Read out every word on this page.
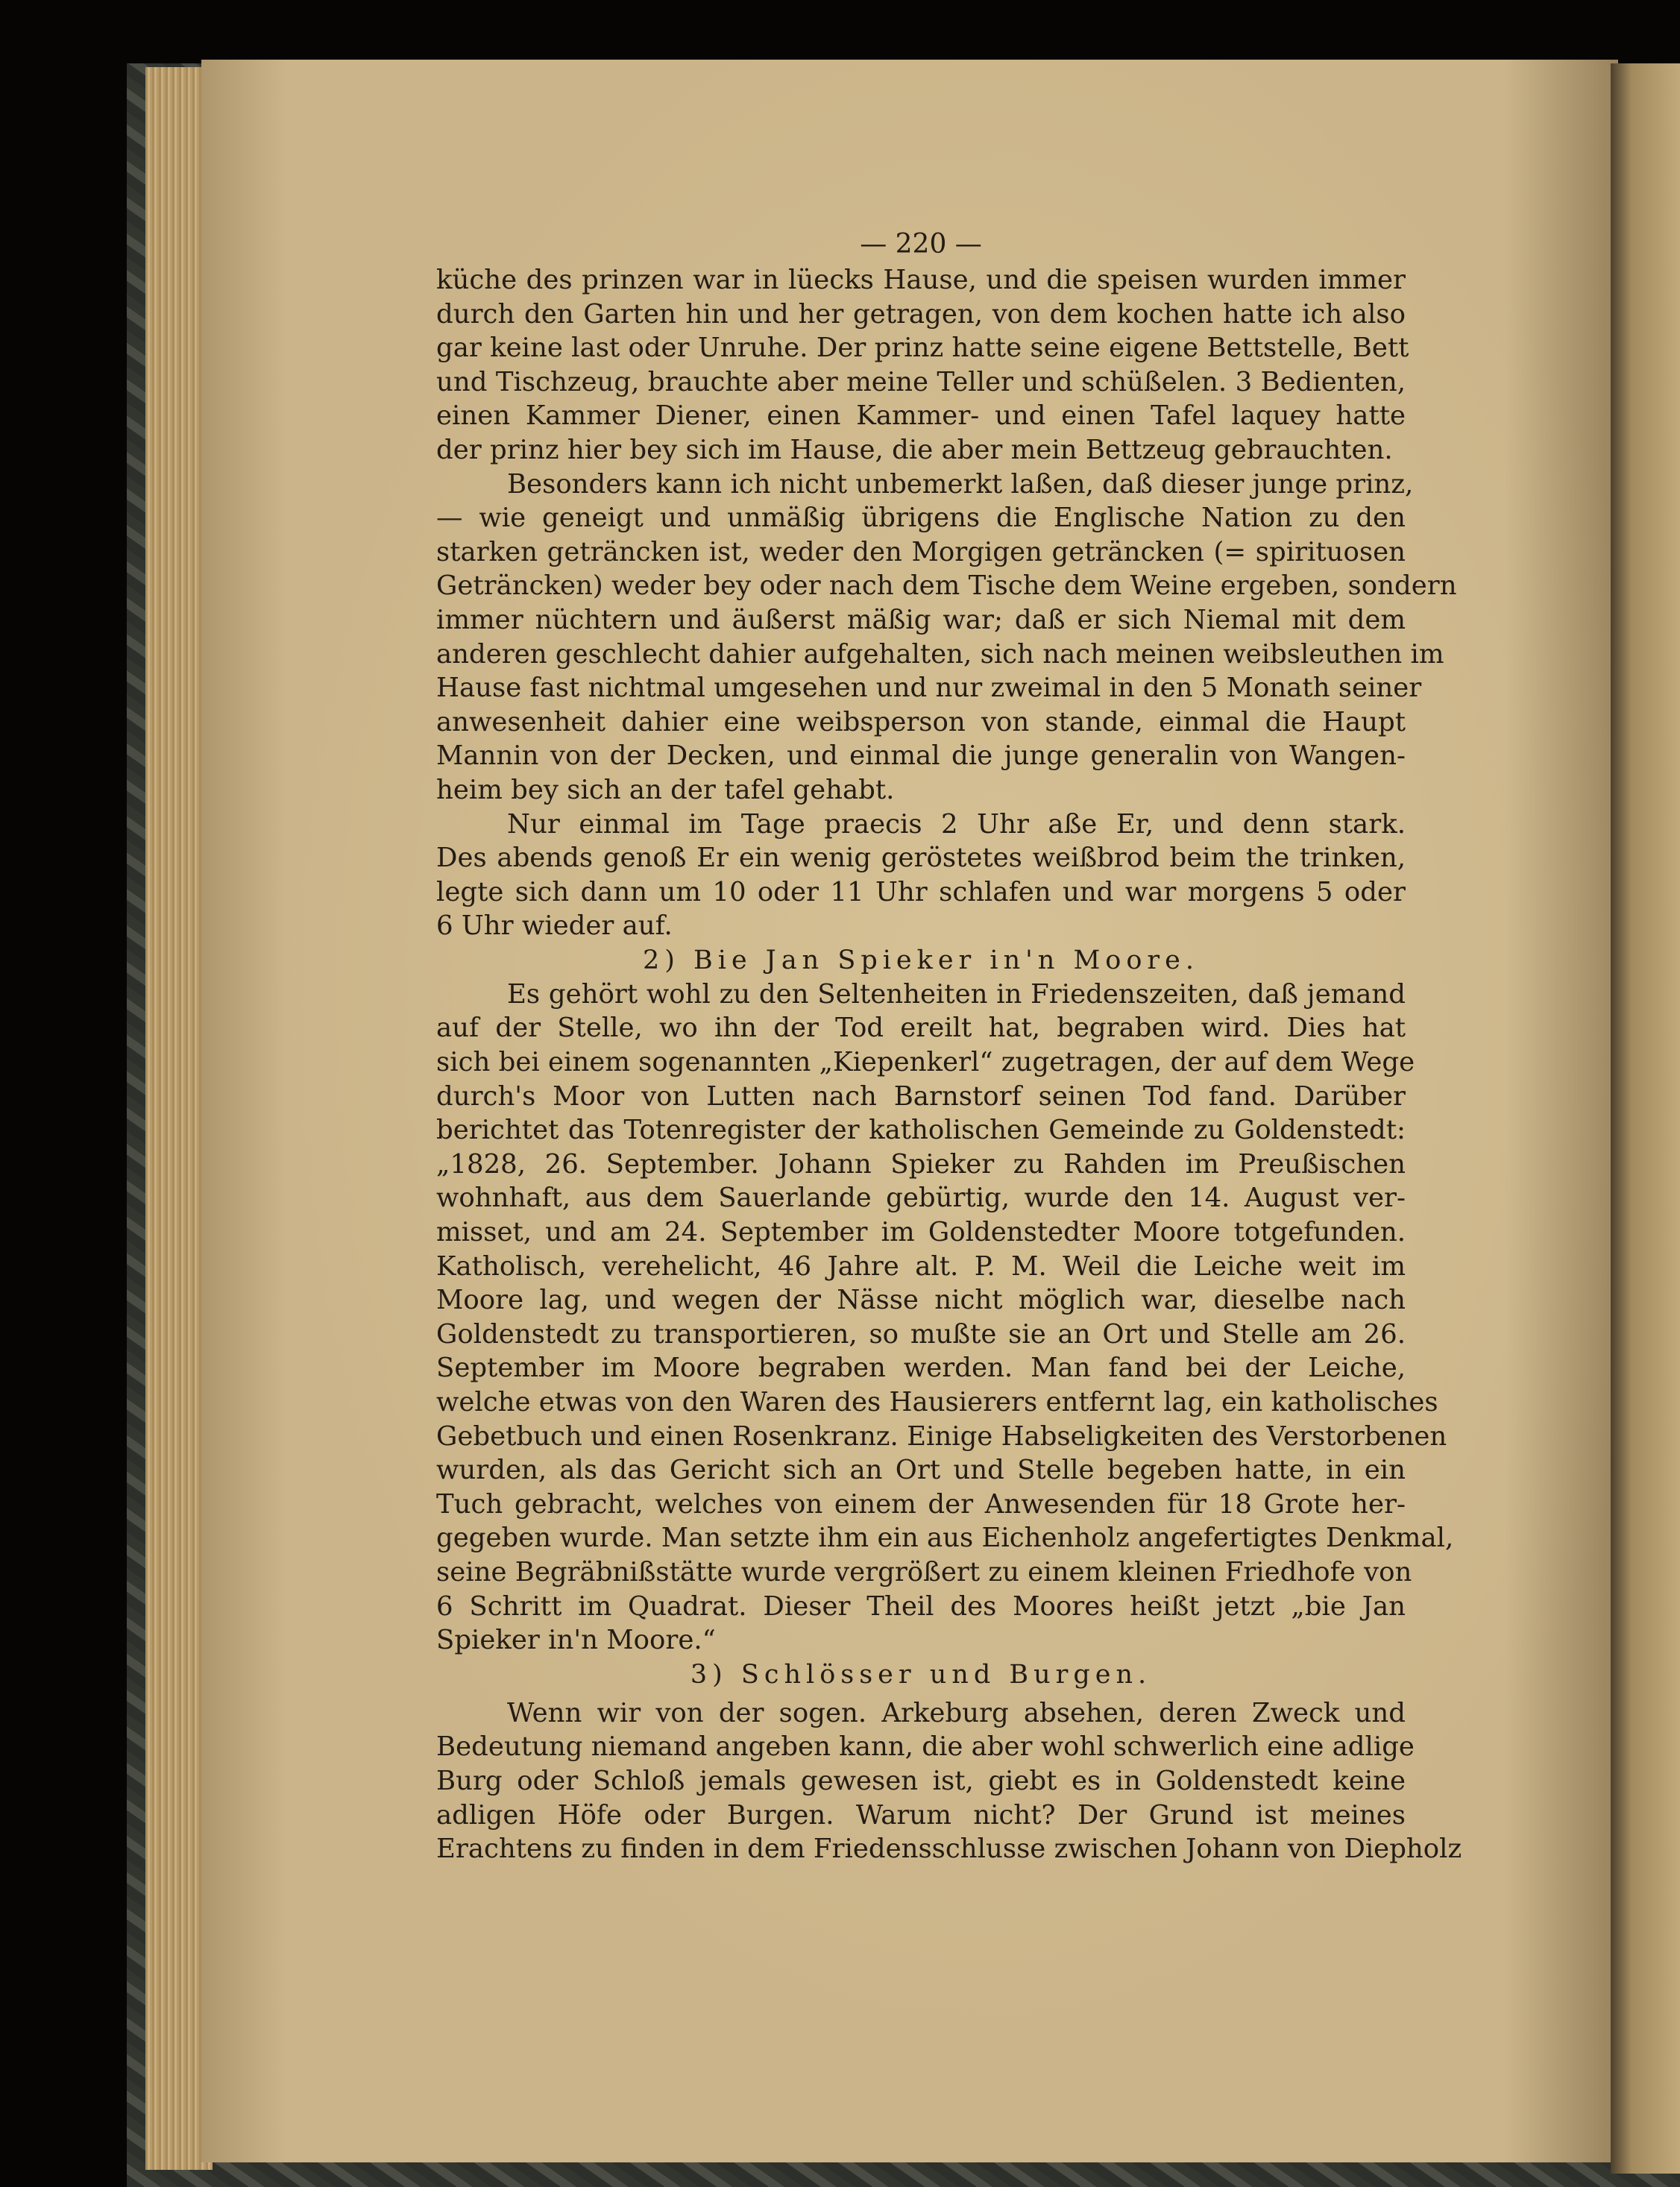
— 220 —
küche des prinzen war in lüecks Hause, und die speisen wurden immer
durch den Garten hin und her getragen, von dem kochen hatte ich also
gar keine last oder Unruhe. Der prinz hatte seine eigene Bettstelle, Bett
und Tischzeug, brauchte aber meine Teller und schüßelen. 3 Bedienten,
einen Kammer Diener, einen Kammer- und einen Tafel laquey hatte
der prinz hier bey sich im Hause, die aber mein Bettzeug gebrauchten.
Besonders kann ich nicht unbemerkt laßen, daß dieser junge prinz,
— wie geneigt und unmäßig übrigens die Englische Nation zu den
starken geträncken ist, weder den Morgigen geträncken (= spirituosen
Geträncken) weder bey oder nach dem Tische dem Weine ergeben, sondern
immer nüchtern und äußerst mäßig war; daß er sich Niemal mit dem
anderen geschlecht dahier aufgehalten, sich nach meinen weibsleuthen im
Hause fast nichtmal umgesehen und nur zweimal in den 5 Monath seiner
anwesenheit dahier eine weibsperson von stande, einmal die Haupt
Mannin von der Decken, und einmal die junge generalin von Wangen-
heim bey sich an der tafel gehabt.
Nur einmal im Tage praecis 2 Uhr aße Er, und denn stark.
Des abends genoß Er ein wenig geröstetes weißbrod beim the trinken,
legte sich dann um 10 oder 11 Uhr schlafen und war morgens 5 oder
6 Uhr wieder auf.
2) Bie Jan Spieker in'n Moore.
Es gehört wohl zu den Seltenheiten in Friedenszeiten, daß jemand
auf der Stelle, wo ihn der Tod ereilt hat, begraben wird. Dies hat
sich bei einem sogenannten „Kiepenkerl“ zugetragen, der auf dem Wege
durch's Moor von Lutten nach Barnstorf seinen Tod fand. Darüber
berichtet das Totenregister der katholischen Gemeinde zu Goldenstedt:
„1828, 26. September. Johann Spieker zu Rahden im Preußischen
wohnhaft, aus dem Sauerlande gebürtig, wurde den 14. August ver-
misset, und am 24. September im Goldenstedter Moore totgefunden.
Katholisch, verehelicht, 46 Jahre alt. P. M. Weil die Leiche weit im
Moore lag, und wegen der Nässe nicht möglich war, dieselbe nach
Goldenstedt zu transportieren, so mußte sie an Ort und Stelle am 26.
September im Moore begraben werden. Man fand bei der Leiche,
welche etwas von den Waren des Hausierers entfernt lag, ein katholisches
Gebetbuch und einen Rosenkranz. Einige Habseligkeiten des Verstorbenen
wurden, als das Gericht sich an Ort und Stelle begeben hatte, in ein
Tuch gebracht, welches von einem der Anwesenden für 18 Grote her-
gegeben wurde. Man setzte ihm ein aus Eichenholz angefertigtes Denkmal,
seine Begräbnißstätte wurde vergrößert zu einem kleinen Friedhofe von
6 Schritt im Quadrat. Dieser Theil des Moores heißt jetzt „bie Jan
Spieker in'n Moore.“
3) Schlösser und Burgen.
Wenn wir von der sogen. Arkeburg absehen, deren Zweck und
Bedeutung niemand angeben kann, die aber wohl schwerlich eine adlige
Burg oder Schloß jemals gewesen ist, giebt es in Goldenstedt keine
adligen Höfe oder Burgen. Warum nicht? Der Grund ist meines
Erachtens zu finden in dem Friedensschlusse zwischen Johann von Diepholz
